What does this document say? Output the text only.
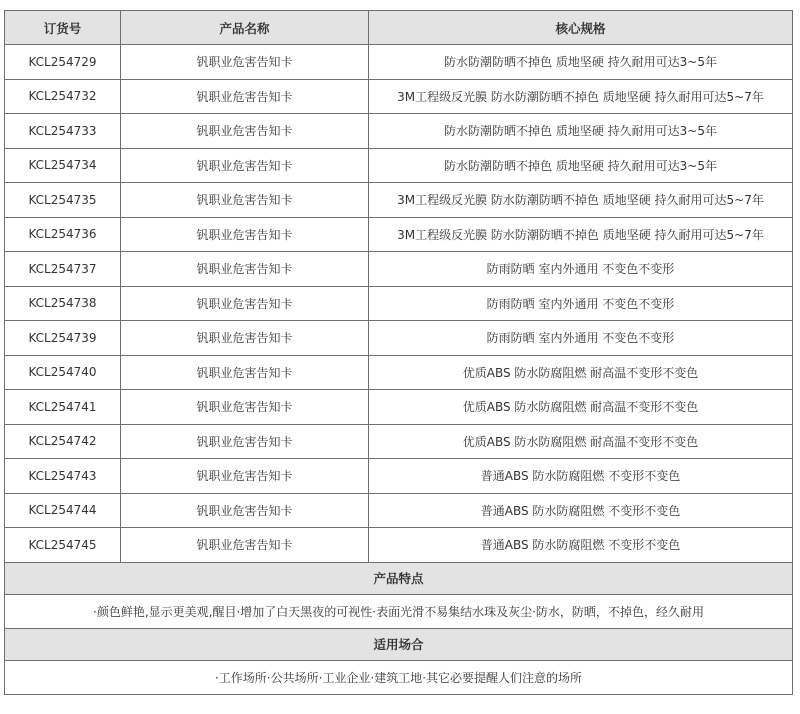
订货号	产品名称	核心规格
KCL254729	钒职业危害告知卡	防水防潮防晒不掉色 质地坚硬 持久耐用可达3~5年
KCL254732	钒职业危害告知卡	3M工程级反光膜 防水防潮防晒不掉色 质地坚硬 持久耐用可达5~7年
KCL254733	钒职业危害告知卡	防水防潮防晒不掉色 质地坚硬 持久耐用可达3~5年
KCL254734	钒职业危害告知卡	防水防潮防晒不掉色 质地坚硬 持久耐用可达3~5年
KCL254735	钒职业危害告知卡	3M工程级反光膜 防水防潮防晒不掉色 质地坚硬 持久耐用可达5~7年
KCL254736	钒职业危害告知卡	3M工程级反光膜 防水防潮防晒不掉色 质地坚硬 持久耐用可达5~7年
KCL254737	钒职业危害告知卡	防雨防晒 室内外通用 不变色不变形
KCL254738	钒职业危害告知卡	防雨防晒 室内外通用 不变色不变形
KCL254739	钒职业危害告知卡	防雨防晒 室内外通用 不变色不变形
KCL254740	钒职业危害告知卡	优质ABS 防水防腐阻燃 耐高温不变形不变色
KCL254741	钒职业危害告知卡	优质ABS 防水防腐阻燃 耐高温不变形不变色
KCL254742	钒职业危害告知卡	优质ABS 防水防腐阻燃 耐高温不变形不变色
KCL254743	钒职业危害告知卡	普通ABS 防水防腐阻燃 不变形不变色
KCL254744	钒职业危害告知卡	普通ABS 防水防腐阻燃 不变形不变色
KCL254745	钒职业危害告知卡	普通ABS 防水防腐阻燃 不变形不变色
产品特点		
·颜色鲜艳,显示更美观,醒目·增加了白天黑夜的可视性·表面光滑不易集结水珠及灰尘·防水，防晒，不掉色，经久耐用		
适用场合		
·工作场所·公共场所·工业企业·建筑工地·其它必要提醒人们注意的场所		
